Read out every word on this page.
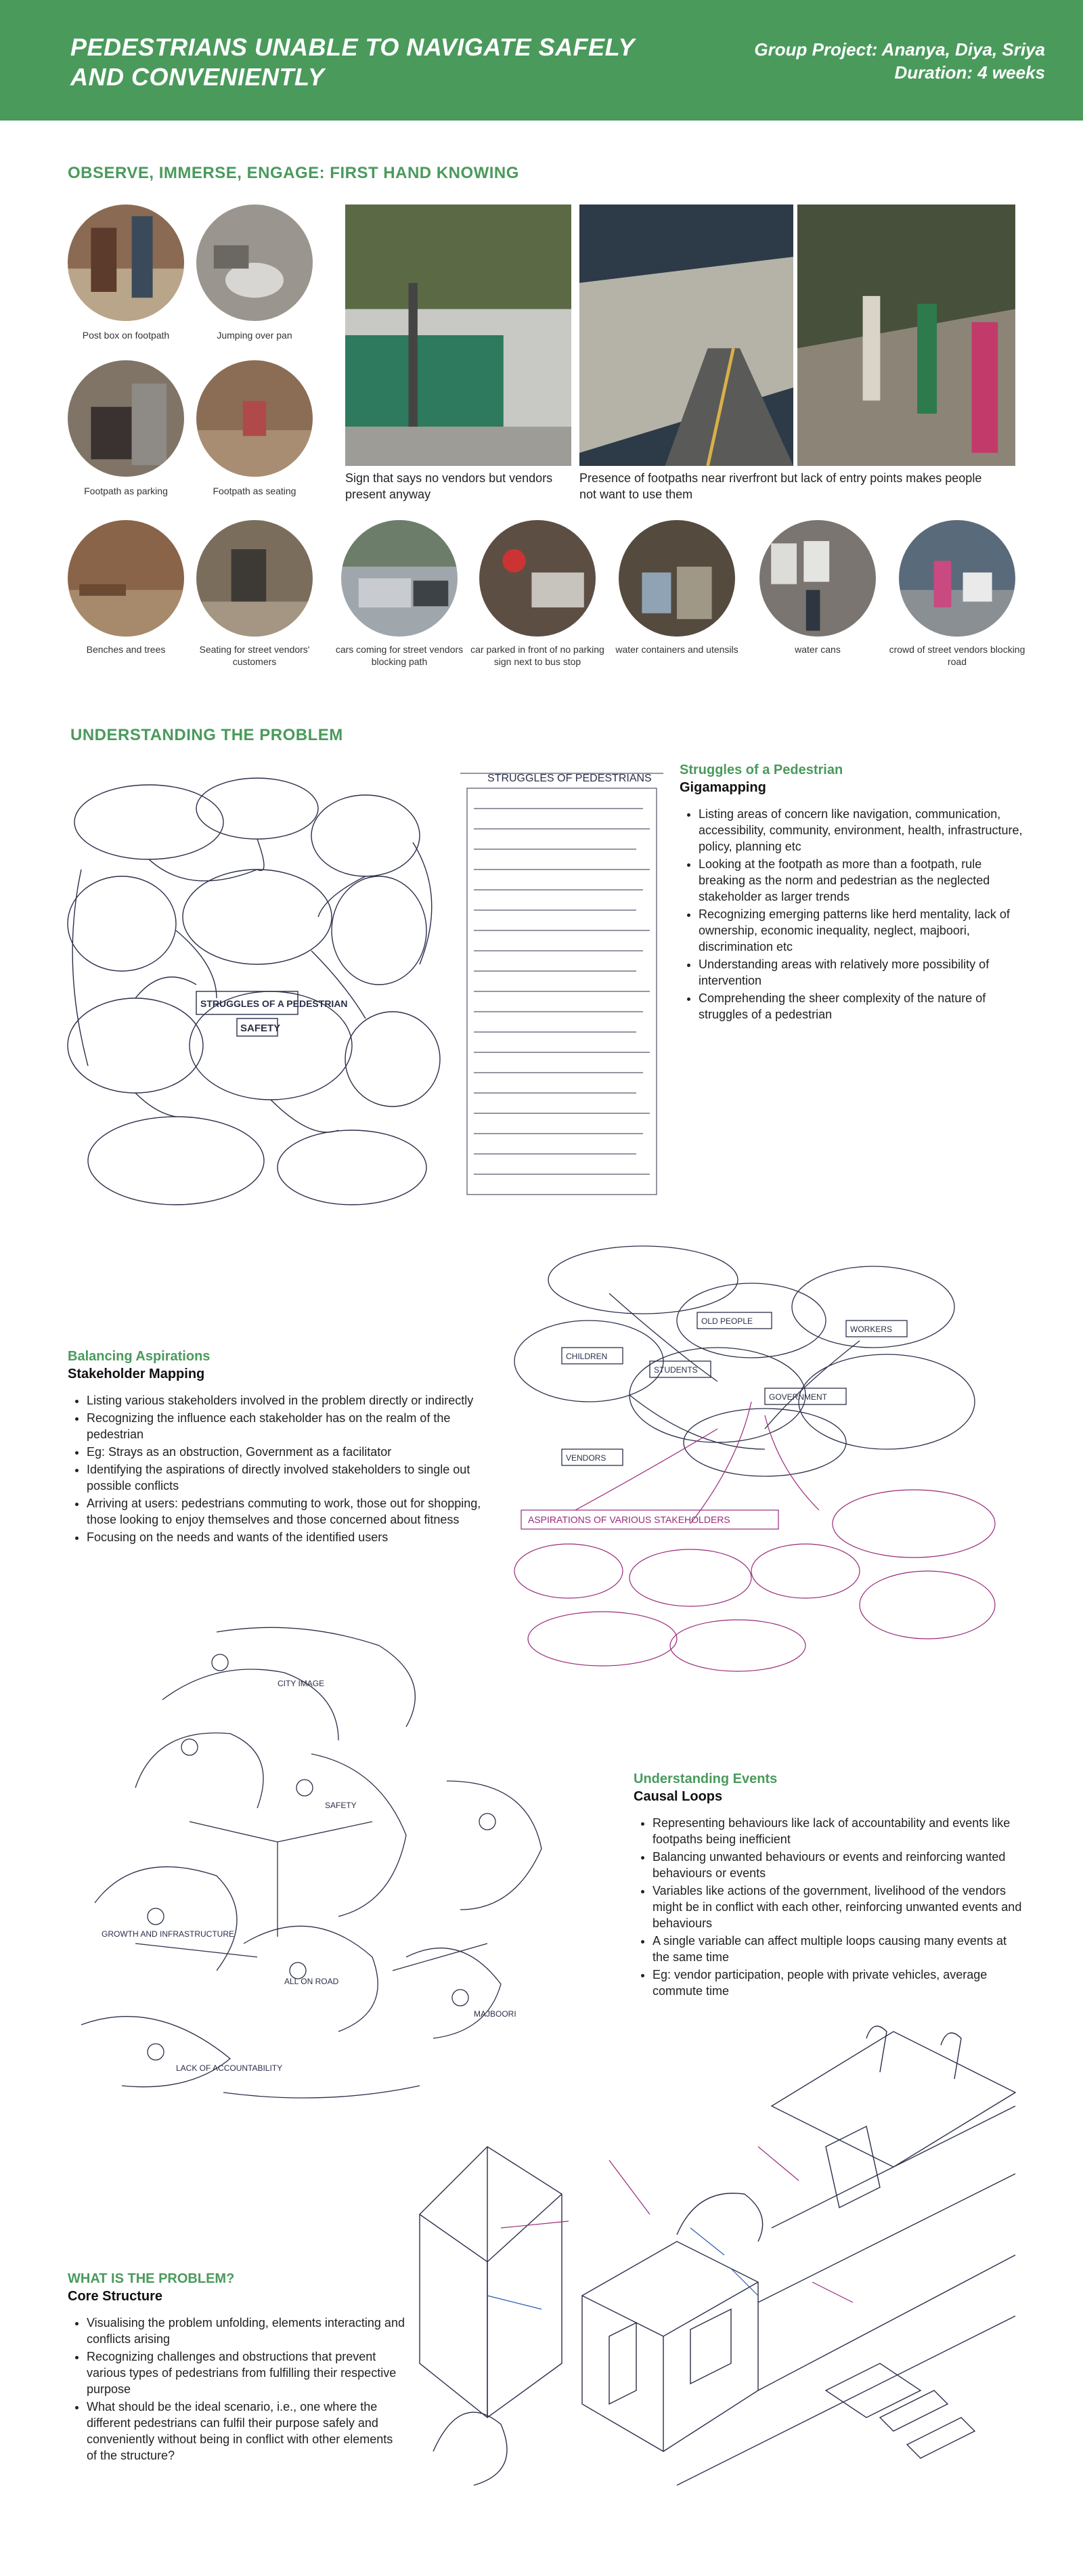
PEDESTRIANS UNABLE TO NAVIGATE SAFELY AND CONVENIENTLY
Group Project: Ananya, Diya, Sriya
Duration: 4 weeks
OBSERVE, IMMERSE, ENGAGE: FIRST HAND KNOWING
Post box on footpath	Jumping over pan
Footpath as parking	Footpath as seating
Sign that says no vendors but vendors present anyway
Presence of footpaths near riverfront but lack of entry points makes people not want to use them
Benches and trees	Seating for street vendors' customers
cars coming for street vendors blocking path
car parked in front of no parking sign next to bus stop
water containers and utensils	water cans	crowd of street vendors blocking road
UNDERSTANDING THE PROBLEM
STRUGGLES OF A PEDESTRIAN
SAFETY
STRUGGLES OF PEDESTRIANS
Struggles of a Pedestrian
Gigamapping
• Listing areas of concern like navigation, communication, accessibility, community, environment, health, infrastructure, policy, planning etc
• Looking at the footpath as more than a footpath, rule breaking as the norm and pedestrian as the neglected stakeholder as larger trends
• Recognizing emerging patterns like herd mentality, lack of ownership, economic inequality, neglect, majboori, discrimination etc
• Understanding areas with relatively more possibility of intervention
• Comprehending the sheer complexity of the nature of struggles of a pedestrian
ASPIRATIONS OF VARIOUS STAKEHOLDERS
OLD PEOPLE
CHILDREN
STUDENTS
GOVERNMENT
WORKERS
VENDORS
Balancing Aspirations
Stakeholder Mapping
• Listing various stakeholders involved in the problem directly or indirectly
• Recognizing the influence each stakeholder has on the realm of the pedestrian
• Eg: Strays as an obstruction, Government as a facilitator
• Identifying the aspirations of directly involved stakeholders to single out possible conflicts
• Arriving at users: pedestrians commuting to work, those out for shopping, those looking to enjoy themselves and those concerned about fitness
• Focusing on the needs and wants of the identified users
CITY IMAGE
SAFETY
ALL ON ROAD
LACK OF ACCOUNTABILITY
MAJBOORI
GROWTH AND INFRASTRUCTURE
Understanding Events
Causal Loops
• Representing behaviours like lack of accountability and events like footpaths being inefficient
• Balancing unwanted behaviours or events and reinforcing wanted behaviours or events
• Variables like actions of the government, livelihood of the vendors might be in conflict with each other, reinforcing unwanted events and behaviours
• A single variable can affect multiple loops causing many events at the same time
• Eg: vendor participation, people with private vehicles, average commute time
WHAT IS THE PROBLEM?
Core Structure
• Visualising the problem unfolding, elements interacting and conflicts arising
• Recognizing challenges and obstructions that prevent various types of pedestrians from fulfilling their respective purpose
• What should be the ideal scenario, i.e., one where the different pedestrians can fulfil their purpose safely and conveniently without being in conflict with other elements of the structure?
